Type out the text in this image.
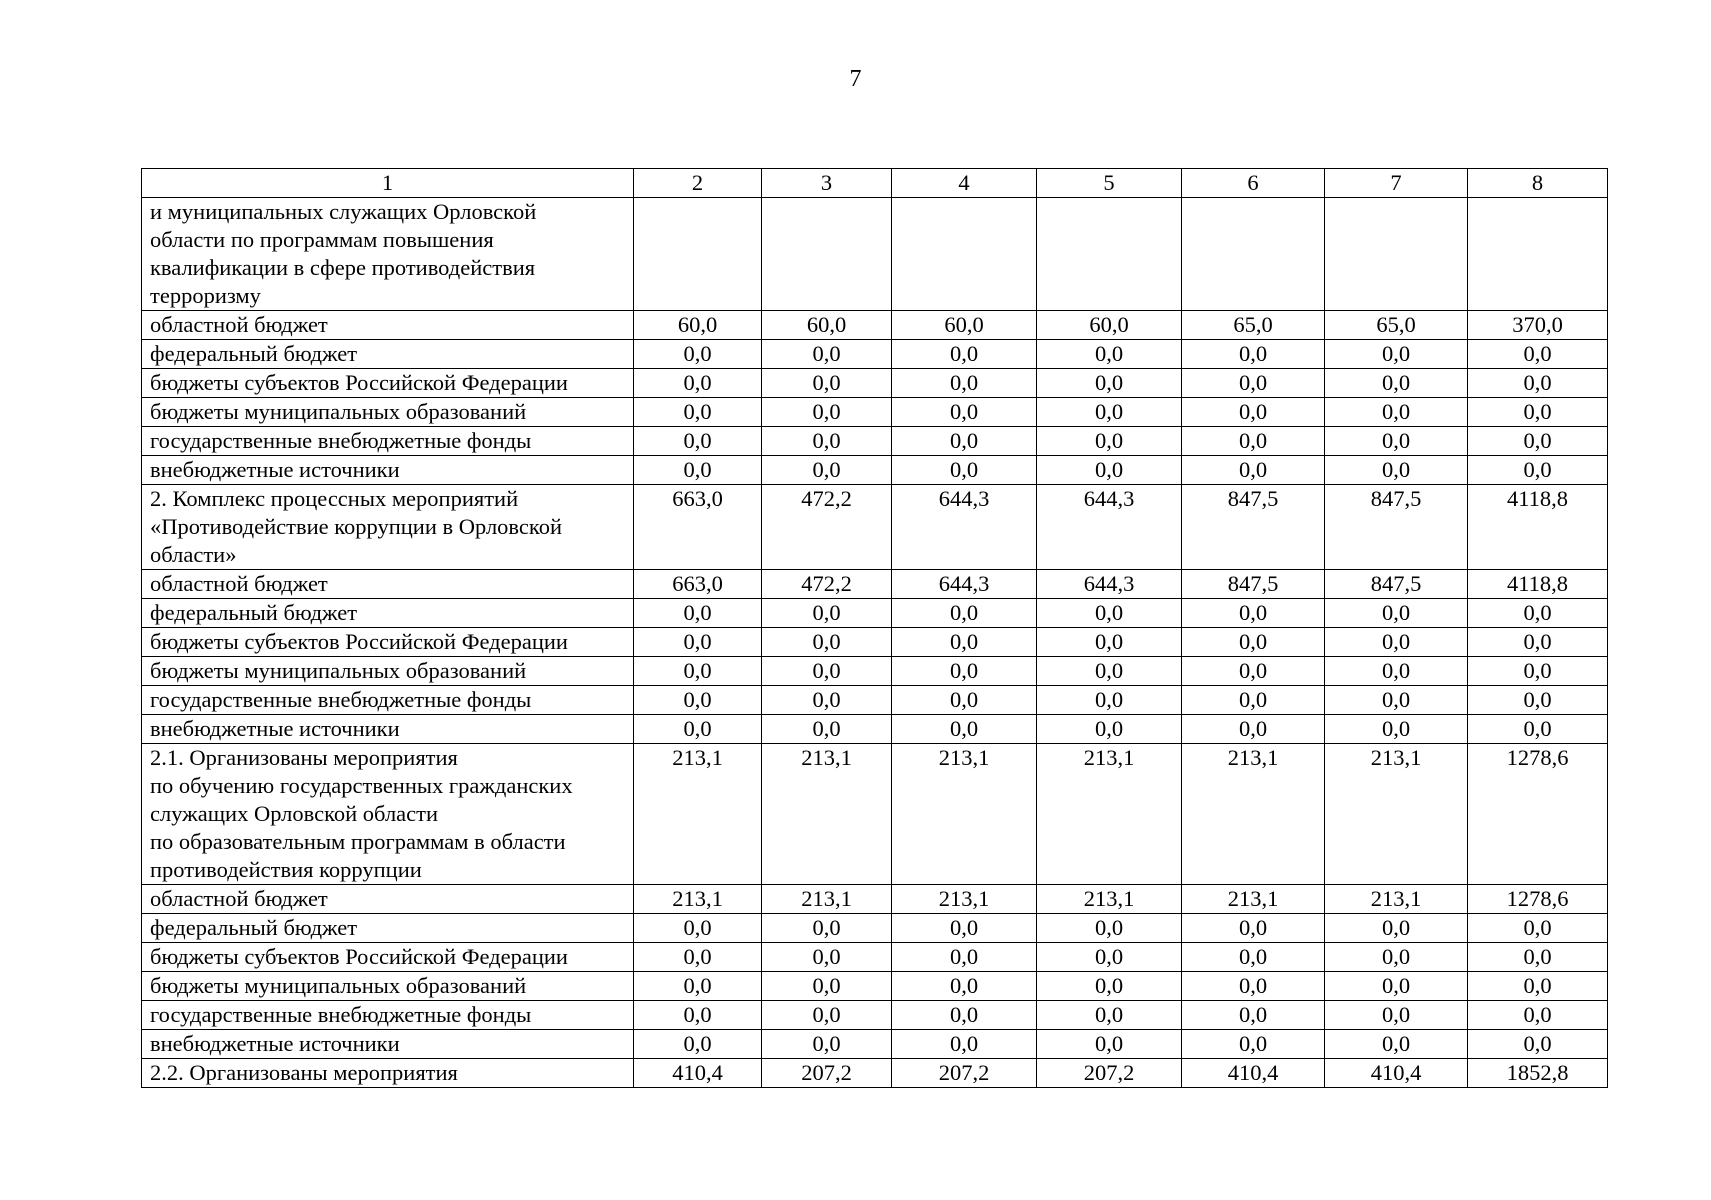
7
1	2	3	4	5	6	7	8

и муниципальных служащих Орловской
области по программам повышения
квалификации в сфере противодействия
терроризму							

областной бюджет	60,0	60,0	60,0	60,0	65,0	65,0	370,0

федеральный бюджет	0,0	0,0	0,0	0,0	0,0	0,0	0,0

бюджеты субъектов Российской Федерации	0,0	0,0	0,0	0,0	0,0	0,0	0,0

бюджеты муниципальных образований	0,0	0,0	0,0	0,0	0,0	0,0	0,0

государственные внебюджетные фонды	0,0	0,0	0,0	0,0	0,0	0,0	0,0

внебюджетные источники	0,0	0,0	0,0	0,0	0,0	0,0	0,0

2. Комплекс процессных мероприятий
«Противодействие коррупции в Орловской
области»	663,0	472,2	644,3	644,3	847,5	847,5	4118,8

областной бюджет	663,0	472,2	644,3	644,3	847,5	847,5	4118,8

федеральный бюджет	0,0	0,0	0,0	0,0	0,0	0,0	0,0

бюджеты субъектов Российской Федерации	0,0	0,0	0,0	0,0	0,0	0,0	0,0

бюджеты муниципальных образований	0,0	0,0	0,0	0,0	0,0	0,0	0,0

государственные внебюджетные фонды	0,0	0,0	0,0	0,0	0,0	0,0	0,0

внебюджетные источники	0,0	0,0	0,0	0,0	0,0	0,0	0,0

2.1. Организованы мероприятия
по обучению государственных гражданских
служащих Орловской области
по образовательным программам в области
противодействия коррупции	213,1	213,1	213,1	213,1	213,1	213,1	1278,6

областной бюджет	213,1	213,1	213,1	213,1	213,1	213,1	1278,6

федеральный бюджет	0,0	0,0	0,0	0,0	0,0	0,0	0,0

бюджеты субъектов Российской Федерации	0,0	0,0	0,0	0,0	0,0	0,0	0,0

бюджеты муниципальных образований	0,0	0,0	0,0	0,0	0,0	0,0	0,0

государственные внебюджетные фонды	0,0	0,0	0,0	0,0	0,0	0,0	0,0

внебюджетные источники	0,0	0,0	0,0	0,0	0,0	0,0	0,0

2.2. Организованы мероприятия	410,4	207,2	207,2	207,2	410,4	410,4	1852,8
